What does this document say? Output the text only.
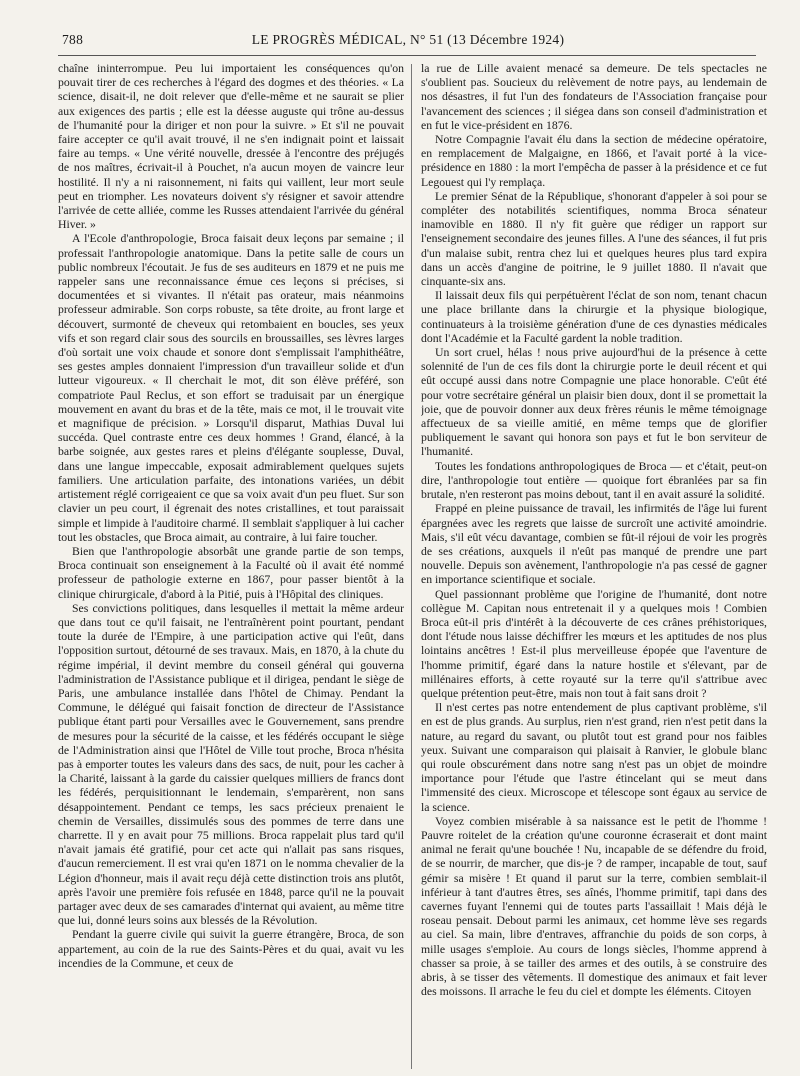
788	LE PROGRÈS MÉDICAL, N° 51 (13 Décembre 1924)

chaîne ininterrompue. Peu lui importaient les conséquences qu'on pouvait tirer de ces recherches à l'égard des dogmes et des théories. « La science, disait-il, ne doit relever que d'elle-même et ne saurait se plier aux exigences des partis ; elle est la déesse auguste qui trône au-dessus de l'humanité pour la diriger et non pour la suivre. » Et s'il ne pouvait faire accepter ce qu'il avait trouvé, il ne s'en indignait point et laissait faire au temps. « Une vérité nouvelle, dressée à l'encontre des préjugés de nos maîtres, écrivait-il à Pouchet, n'a aucun moyen de vaincre leur hostilité. Il n'y a ni raisonnement, ni faits qui vaillent, leur mort seule peut en triompher. Les novateurs doivent s'y résigner et savoir attendre l'arrivée de cette alliée, comme les Russes attendaient l'arrivée du général Hiver. »

A l'Ecole d'anthropologie, Broca faisait deux leçons par semaine ; il professait l'anthropologie anatomique. Dans la petite salle de cours un public nombreux l'écoutait. Je fus de ses auditeurs en 1879 et ne puis me rappeler sans une reconnaissance émue ces leçons si précises, si documentées et si vivantes. Il n'était pas orateur, mais néanmoins professeur admirable. Son corps robuste, sa tête droite, au front large et découvert, surmonté de cheveux qui retombaient en boucles, ses yeux vifs et son regard clair sous des sourcils en broussailles, ses lèvres larges d'où sortait une voix chaude et sonore dont s'emplissait l'amphithéâtre, ses gestes amples donnaient l'impression d'un travailleur solide et d'un lutteur vigoureux. « Il cherchait le mot, dit son élève préféré, son compatriote Paul Reclus, et son effort se traduisait par un énergique mouvement en avant du bras et de la tête, mais ce mot, il le trouvait vite et magnifique de précision. » Lorsqu'il disparut, Mathias Duval lui succéda. Quel contraste entre ces deux hommes ! Grand, élancé, à la barbe soignée, aux gestes rares et pleins d'élégante souplesse, Duval, dans une langue impeccable, exposait admirablement quelques sujets familiers. Une articulation parfaite, des intonations variées, un débit artistement réglé corrigeaient ce que sa voix avait d'un peu fluet. Sur son clavier un peu court, il égrenait des notes cristallines, et tout paraissait simple et limpide à l'auditoire charmé. Il semblait s'appliquer à lui cacher tout les obstacles, que Broca aimait, au contraire, à lui faire toucher.

Bien que l'anthropologie absorbât une grande partie de son temps, Broca continuait son enseignement à la Faculté où il avait été nommé professeur de pathologie externe en 1867, pour passer bientôt à la clinique chirurgicale, d'abord à la Pitié, puis à l'Hôpital des cliniques.

Ses convictions politiques, dans lesquelles il mettait la même ardeur que dans tout ce qu'il faisait, ne l'entraînèrent point pourtant, pendant toute la durée de l'Empire, à une participation active qui l'eût, dans l'opposition surtout, détourné de ses travaux. Mais, en 1870, à la chute du régime impérial, il devint membre du conseil général qui gouverna l'administration de l'Assistance publique et il dirigea, pendant le siège de Paris, une ambulance installée dans l'hôtel de Chimay. Pendant la Commune, le délégué qui faisait fonction de directeur de l'Assistance publique étant parti pour Versailles avec le Gouvernement, sans prendre de mesures pour la sécurité de la caisse, et les fédérés occupant le siège de l'Administration ainsi que l'Hôtel de Ville tout proche, Broca n'hésita pas à emporter toutes les valeurs dans des sacs, de nuit, pour les cacher à la Charité, laissant à la garde du caissier quelques milliers de francs dont les fédérés, perquisitionnant le lendemain, s'emparèrent, non sans désappointement. Pendant ce temps, les sacs précieux prenaient le chemin de Versailles, dissimulés sous des pommes de terre dans une charrette. Il y en avait pour 75 millions. Broca rappelait plus tard qu'il n'avait jamais été gratifié, pour cet acte qui n'allait pas sans risques, d'aucun remerciement. Il est vrai qu'en 1871 on le nomma chevalier de la Légion d'honneur, mais il avait reçu déjà cette distinction trois ans plutôt, après l'avoir une première fois refusée en 1848, parce qu'il ne la pouvait partager avec deux de ses camarades d'internat qui avaient, au même titre que lui, donné leurs soins aux blessés de la Révolution.

Pendant la guerre civile qui suivit la guerre étrangère, Broca, de son appartement, au coin de la rue des Saints-Pères et du quai, avait vu les incendies de la Commune, et ceux de

la rue de Lille avaient menacé sa demeure. De tels spectacles ne s'oublient pas. Soucieux du relèvement de notre pays, au lendemain de nos désastres, il fut l'un des fondateurs de l'Association française pour l'avancement des sciences ; il siégea dans son conseil d'administration et en fut le vice-président en 1876.

Notre Compagnie l'avait élu dans la section de médecine opératoire, en remplacement de Malgaigne, en 1866, et l'avait porté à la vice-présidence en 1880 : la mort l'empêcha de passer à la présidence et ce fut Legouest qui l'y remplaça.

Le premier Sénat de la République, s'honorant d'appeler à soi pour se compléter des notabilités scientifiques, nomma Broca sénateur inamovible en 1880. Il n'y fit guère que rédiger un rapport sur l'enseignement secondaire des jeunes filles. A l'une des séances, il fut pris d'un malaise subit, rentra chez lui et quelques heures plus tard expira dans un accès d'angine de poitrine, le 9 juillet 1880. Il n'avait que cinquante-six ans.

Il laissait deux fils qui perpétuèrent l'éclat de son nom, tenant chacun une place brillante dans la chirurgie et la physique biologique, continuateurs à la troisième génération d'une de ces dynasties médicales dont l'Académie et la Faculté gardent la noble tradition.

Un sort cruel, hélas ! nous prive aujourd'hui de la présence à cette solennité de l'un de ces fils dont la chirurgie porte le deuil récent et qui eût occupé aussi dans notre Compagnie une place honorable. C'eût été pour votre secrétaire général un plaisir bien doux, dont il se promettait la joie, que de pouvoir donner aux deux frères réunis le même témoignage affectueux de sa vieille amitié, en même temps que de glorifier publiquement le savant qui honora son pays et fut le bon serviteur de l'humanité.

Toutes les fondations anthropologiques de Broca — et c'était, peut-on dire, l'anthropologie tout entière — quoique fort ébranlées par sa fin brutale, n'en resteront pas moins debout, tant il en avait assuré la solidité.

Frappé en pleine puissance de travail, les infirmités de l'âge lui furent épargnées avec les regrets que laisse de surcroît une activité amoindrie. Mais, s'il eût vécu davantage, combien se fût-il réjoui de voir les progrès de ses créations, auxquels il n'eût pas manqué de prendre une part nouvelle. Depuis son avènement, l'anthropologie n'a pas cessé de gagner en importance scientifique et sociale.

Quel passionnant problème que l'origine de l'humanité, dont notre collègue M. Capitan nous entretenait il y a quelques mois ! Combien Broca eût-il pris d'intérêt à la découverte de ces crânes préhistoriques, dont l'étude nous laisse déchiffrer les mœurs et les aptitudes de nos plus lointains ancêtres ! Est-il plus merveilleuse épopée que l'aventure de l'homme primitif, égaré dans la nature hostile et s'élevant, par de millénaires efforts, à cette royauté sur la terre qu'il s'attribue avec quelque prétention peut-être, mais non tout à fait sans droit ?

Il n'est certes pas notre entendement de plus captivant problème, s'il en est de plus grands. Au surplus, rien n'est grand, rien n'est petit dans la nature, au regard du savant, ou plutôt tout est grand pour nos faibles yeux. Suivant une comparaison qui plaisait à Ranvier, le globule blanc qui roule obscurément dans notre sang n'est pas un objet de moindre importance pour l'étude que l'astre étincelant qui se meut dans l'immensité des cieux. Microscope et télescope sont égaux au service de la science.

Voyez combien misérable à sa naissance est le petit de l'homme ! Pauvre roitelet de la création qu'une couronne écraserait et dont maint animal ne ferait qu'une bouchée ! Nu, incapable de se défendre du froid, de se nourrir, de marcher, que dis-je ? de ramper, incapable de tout, sauf gémir sa misère ! Et quand il parut sur la terre, combien semblait-il inférieur à tant d'autres êtres, ses aînés, l'homme primitif, tapi dans des cavernes fuyant l'ennemi qui de toutes parts l'assaillait ! Mais déjà le roseau pensait. Debout parmi les animaux, cet homme lève ses regards au ciel. Sa main, libre d'entraves, affranchie du poids de son corps, à mille usages s'emploie. Au cours de longs siècles, l'homme apprend à chasser sa proie, à se tailler des armes et des outils, à se construire des abris, à se tisser des vêtements. Il domestique des animaux et fait lever des moissons. Il arrache le feu du ciel et dompte les éléments. Citoyen
